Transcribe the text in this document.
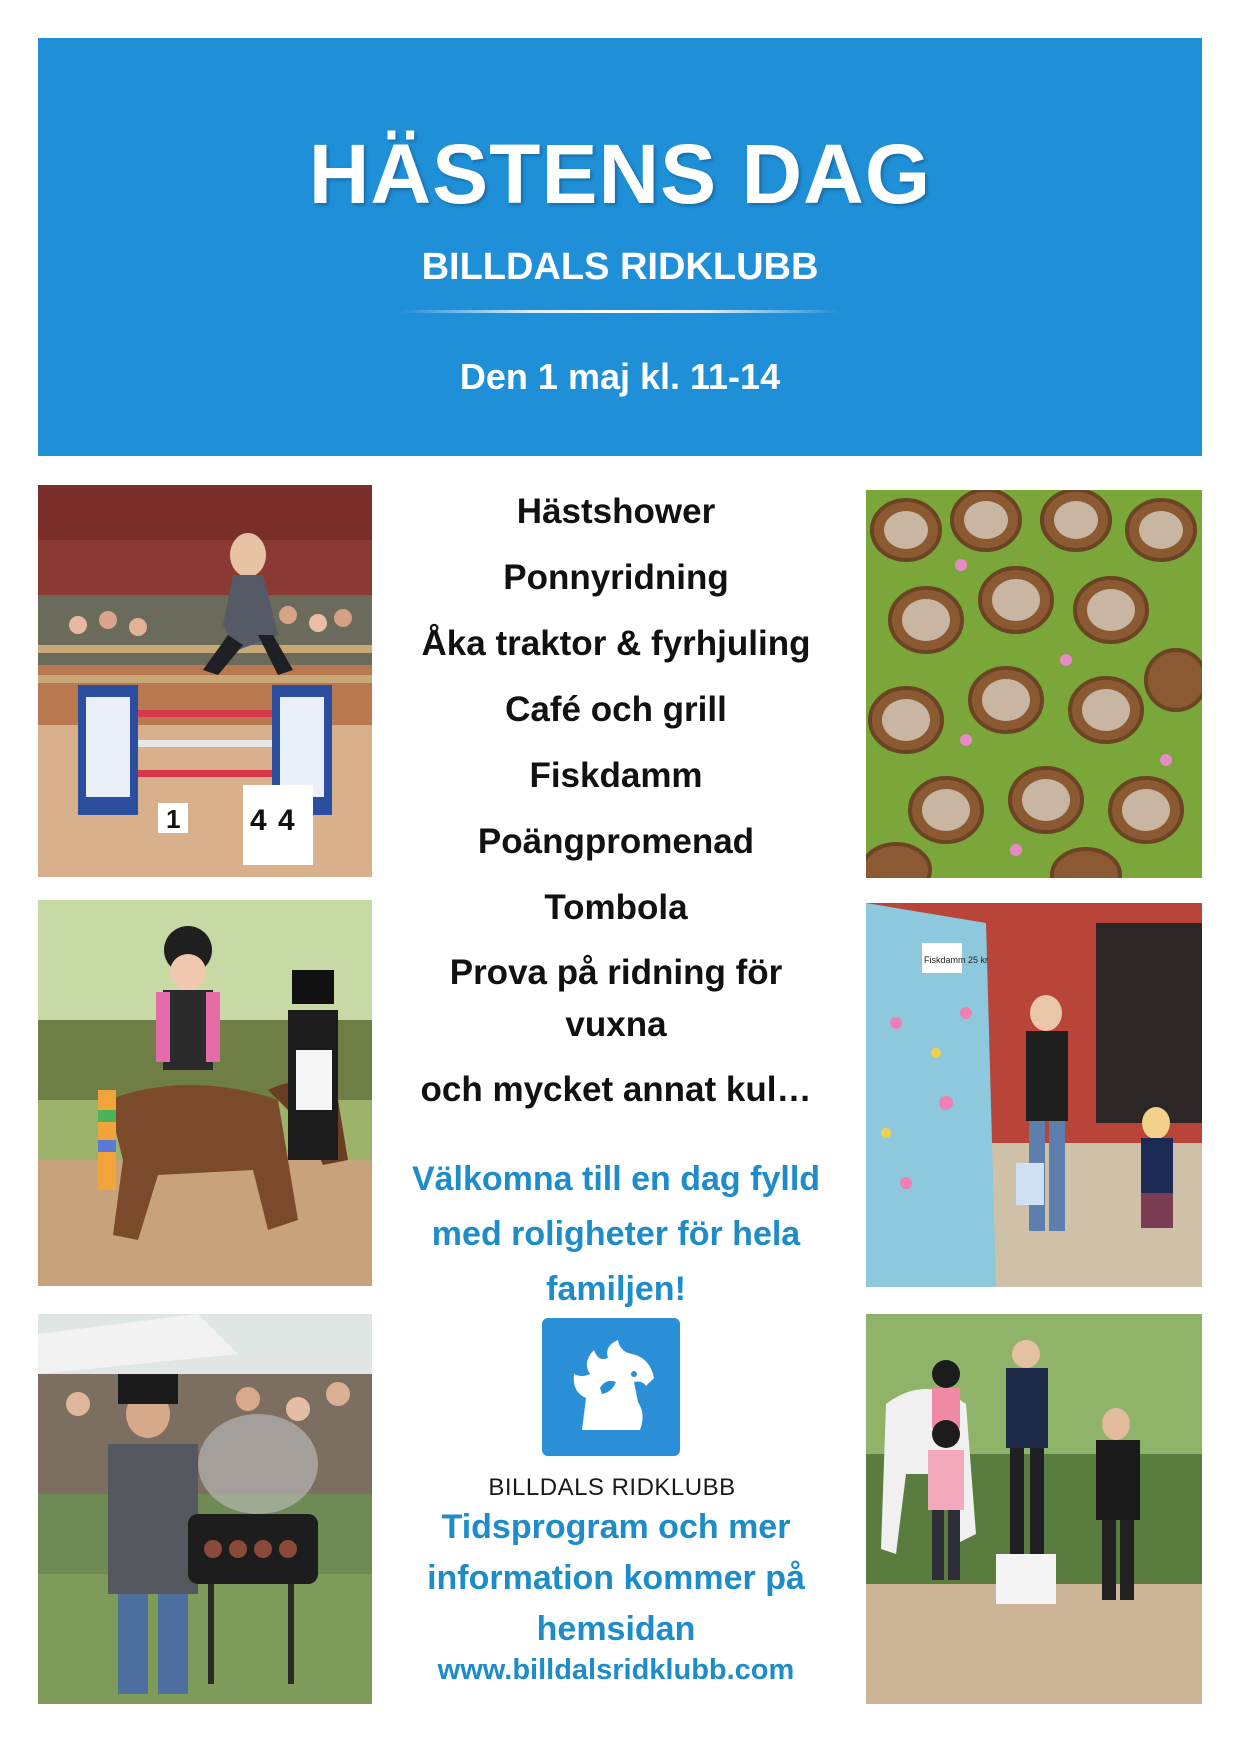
HÄSTENS DAG
BILLDALS RIDKLUBB
Den 1 maj kl. 11-14
1 4 4
Fiskdamm 25 kr
Hästshower
Ponnyridning
Åka traktor & fyrhjuling
Café och grill
Fiskdamm
Poängpromenad
Tombola
Prova på ridning för
vuxna
och mycket annat kul…
Välkomna till en dag fylld
med roligheter för hela
familjen!
BILLDALS RIDKLUBB
Tidsprogram och mer
information kommer på
hemsidan
www.billdalsridklubb.com
